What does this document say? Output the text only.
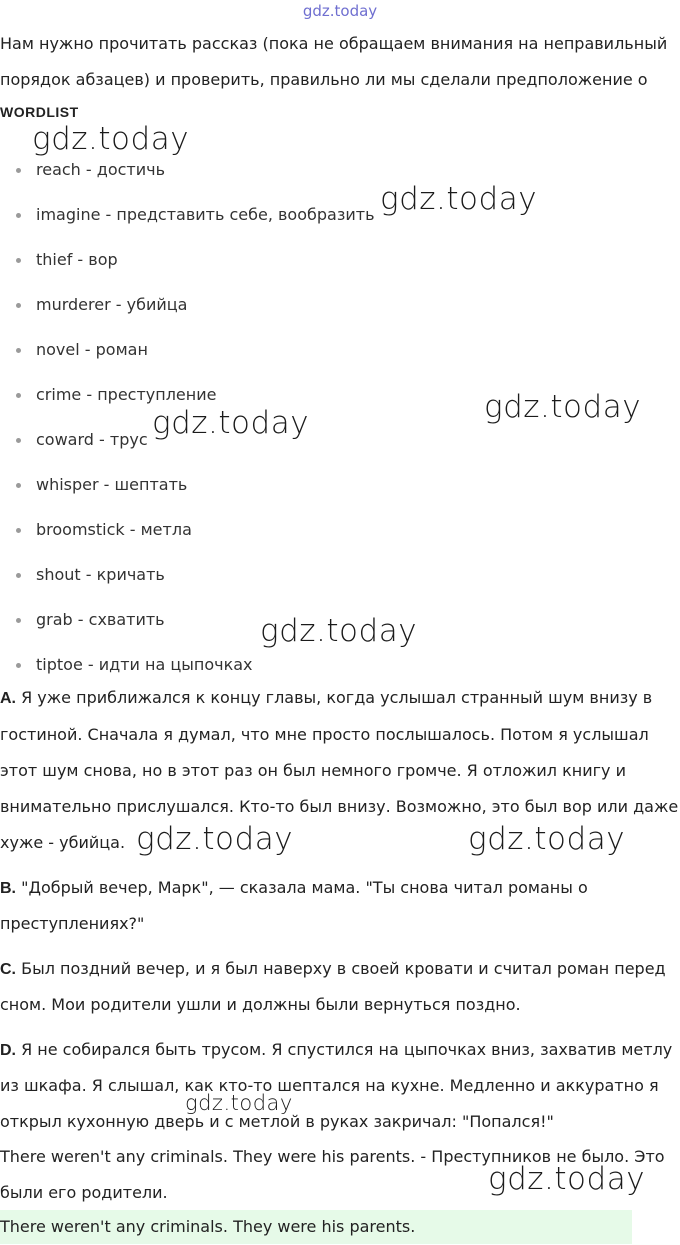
gdz.today
Нам нужно прочитать рассказ (пока не обращаем внимания на неправильный
порядок абзацев) и проверить, правильно ли мы сделали предположение о
WORDLIST
reach - достичь
imagine - представить себе, вообразить
thief - вор
murderer - убийца
novel - роман
crime - преступление
coward - трус
whisper - шептать
broomstick - метла
shout - кричать
grab - схватить
tiptoe - идти на цыпочках
A. Я уже приближался к концу главы, когда услышал странный шум внизу в
гостиной. Сначала я думал, что мне просто послышалось. Потом я услышал
этот шум снова, но в этот раз он был немного громче. Я отложил книгу и
внимательно прислушался. Кто-то был внизу. Возможно, это был вор или даже
хуже - убийца.
B. "Добрый вечер, Марк", — сказала мама. "Ты снова читал романы о
преступлениях?"
C. Был поздний вечер, и я был наверху в своей кровати и считал роман перед
сном. Мои родители ушли и должны были вернуться поздно.
D. Я не собирался быть трусом. Я спустился на цыпочках вниз, захватив метлу
из шкафа. Я слышал, как кто-то шептался на кухне. Медленно и аккуратно я
открыл кухонную дверь и с метлой в руках закричал: "Попался!"
There weren't any criminals. They were his parents. - Преступников не было. Это
были его родители.
There weren't any criminals. They were his parents.
gdz.today
gdz.today
gdz.today
gdz.today
gdz.today
gdz.today	gdz.today
gdz.today
gdz.today
